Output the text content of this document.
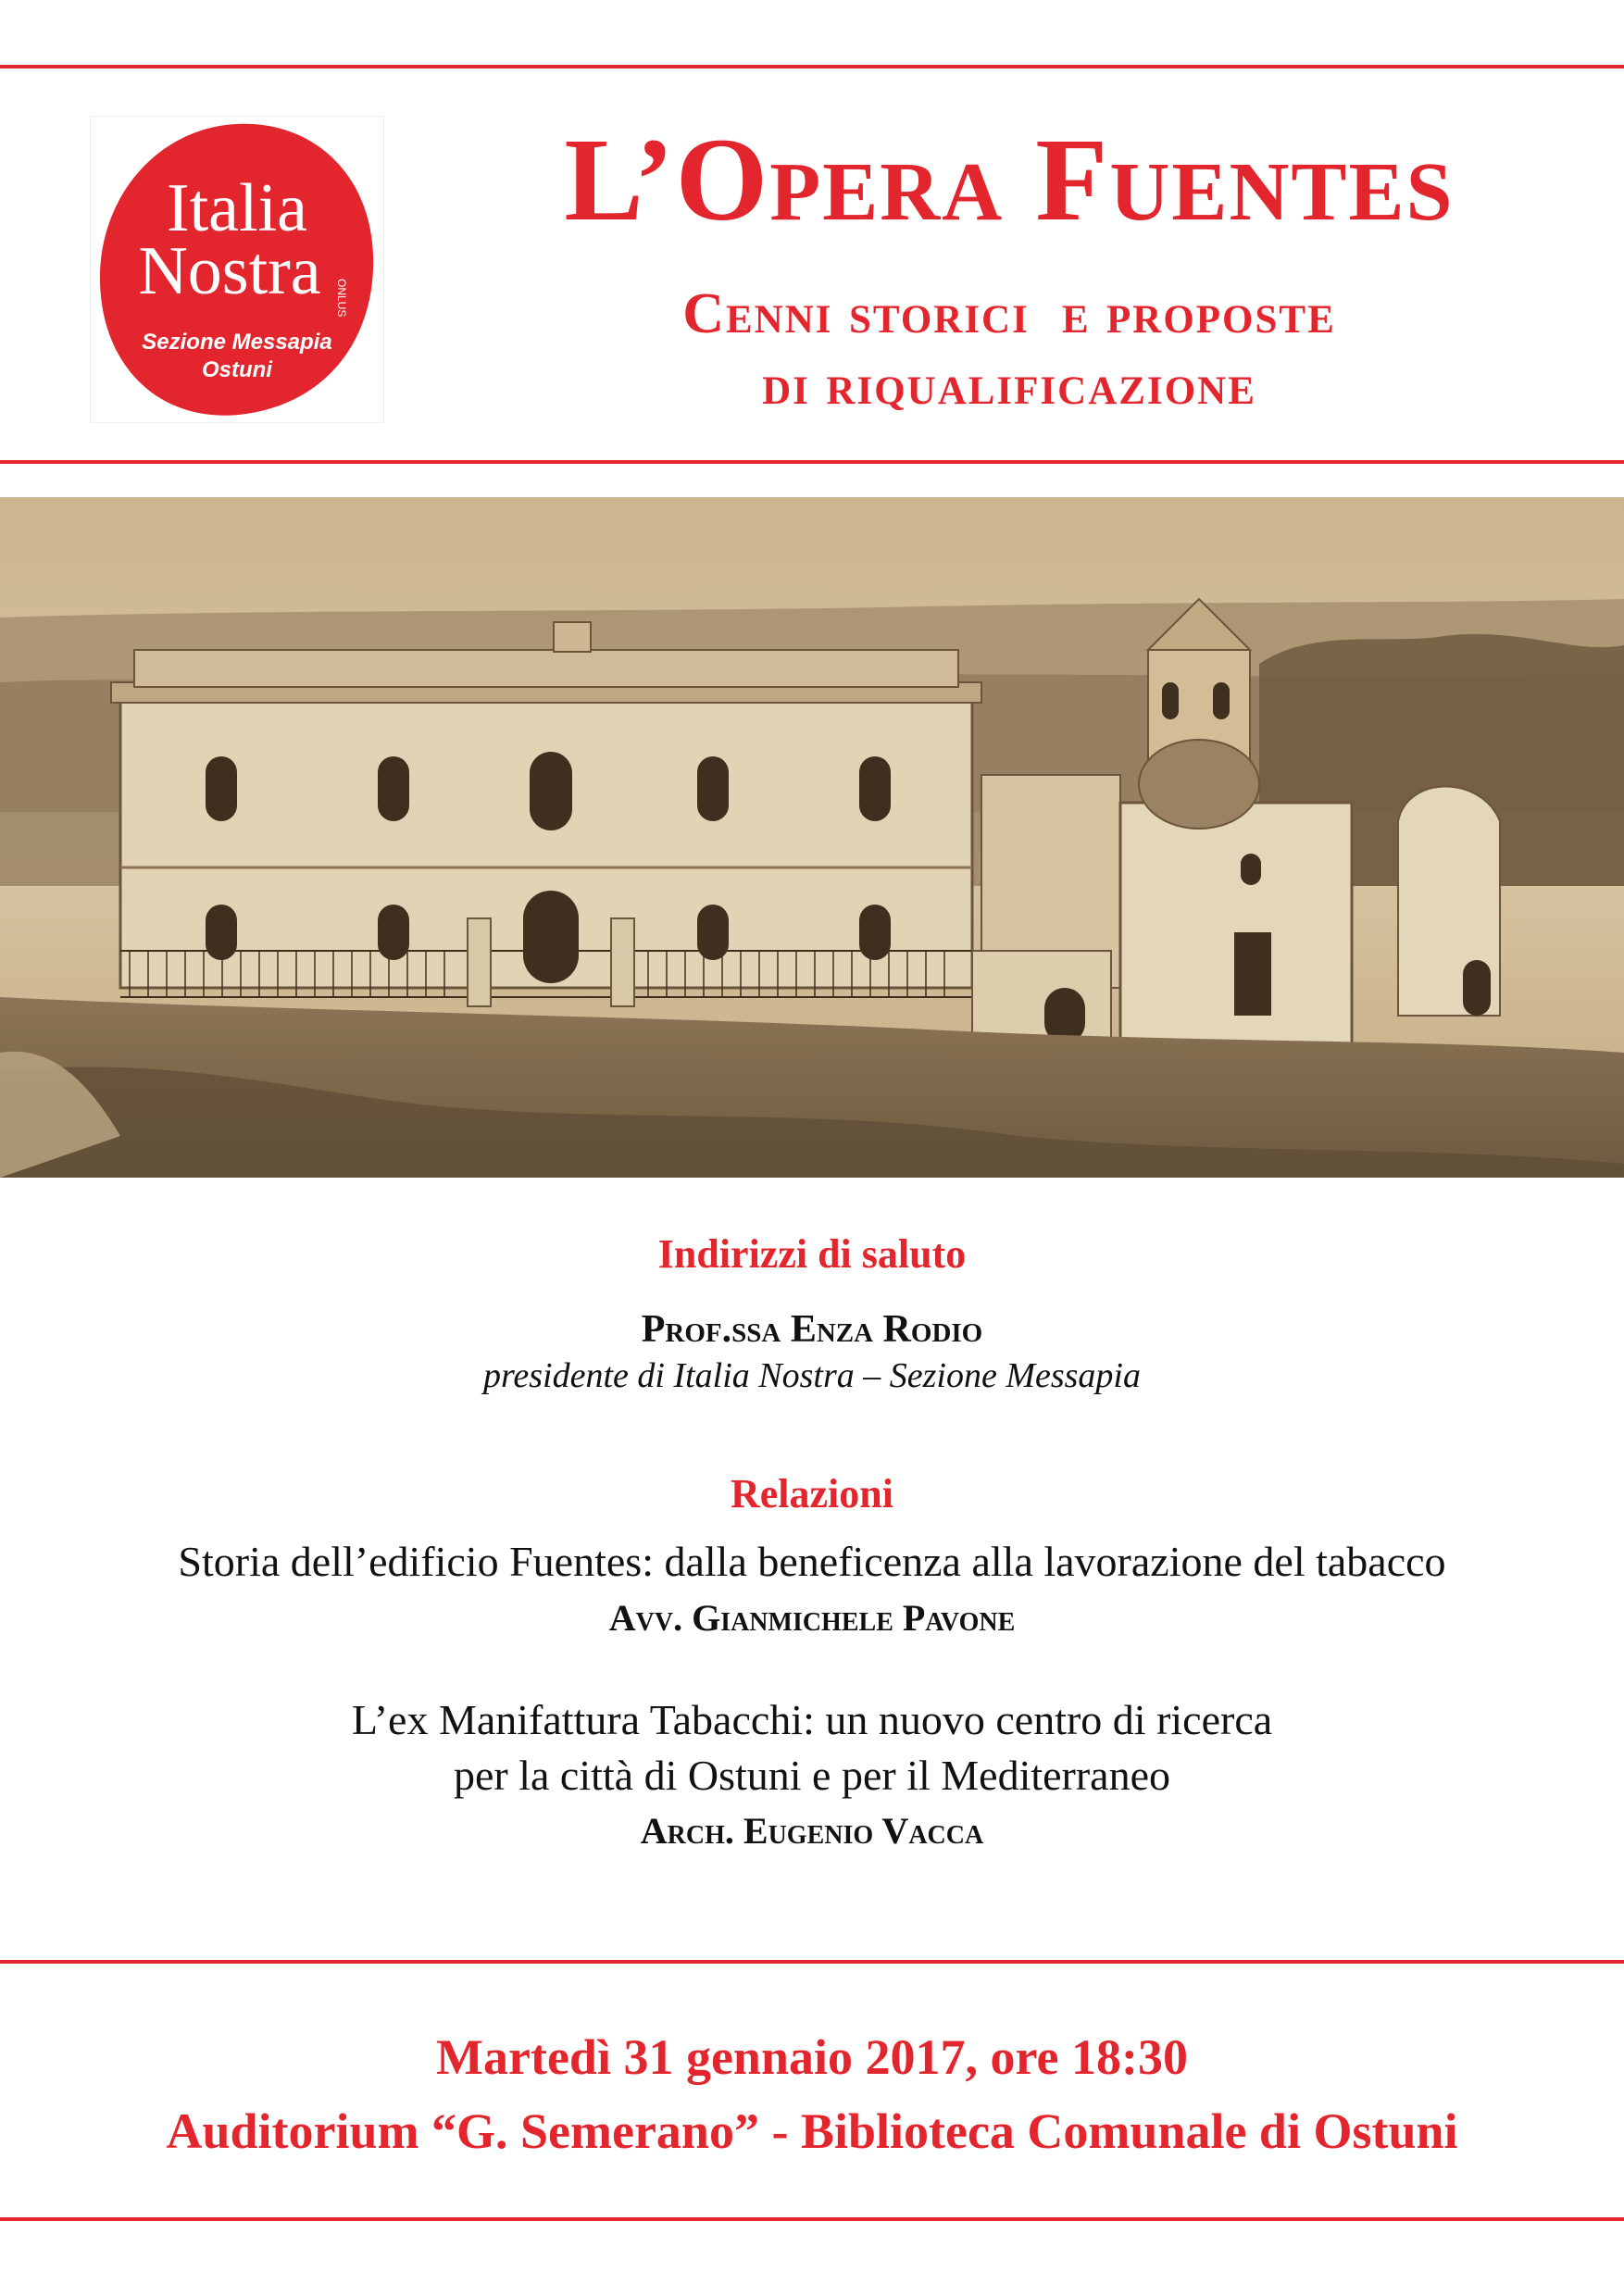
Italia
Nostra	ONLUS
Sezione Messapia
Ostuni
L’Opera Fuentes
Cenni storici  e proposte
di riqualificazione
Indirizzi di saluto
Prof.ssa Enza Rodio
presidente di Italia Nostra – Sezione Messapia
Relazioni
Storia dell’edificio Fuentes: dalla beneficenza alla lavorazione del tabacco
Avv. Gianmichele Pavone
L’ex Manifattura Tabacchi: un nuovo centro di ricerca
per la città di Ostuni e per il Mediterraneo
Arch. Eugenio Vacca
Martedì 31 gennaio 2017, ore 18:30
Auditorium “G. Semerano” - Biblioteca Comunale di Ostuni
